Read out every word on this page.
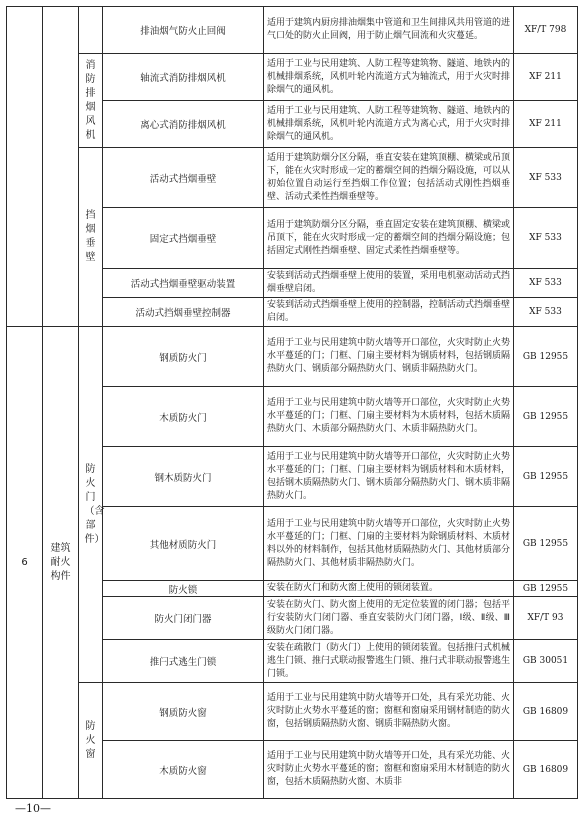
			排油烟气防火止回阀	适用于建筑内厨房排油烟集中管道和卫生间排风共用管道的进气口处的防火止回阀，用于防止烟气回流和火灾蔓延。	XF/T 798
		消防排烟风机	轴流式消防排烟风机	适用于工业与民用建筑、人防工程等建筑物、隧道、地铁内的机械排烟系统，风机叶轮内流道方式为轴流式，用于火灾时排除烟气的通风机。	XF 211
			离心式消防排烟风机	适用于工业与民用建筑、人防工程等建筑物、隧道、地铁内的机械排烟系统，风机叶轮内流道方式为离心式，用于火灾时排除烟气的通风机。	XF 211
		挡烟垂壁	活动式挡烟垂壁	适用于建筑防烟分区分隔，垂直安装在建筑顶棚、横梁或吊顶下，能在火灾时形成一定的蓄烟空间的挡烟分隔设施，可以从初始位置自动运行至挡烟工作位置；包括活动式刚性挡烟垂壁、活动式柔性挡烟垂壁等。	XF 533
			固定式挡烟垂壁	适用于建筑防烟分区分隔，垂直固定安装在建筑顶棚、横梁或吊顶下，能在火灾时形成一定的蓄烟空间的挡烟分隔设施；包括固定式刚性挡烟垂壁、固定式柔性挡烟垂壁等。	XF 533
			活动式挡烟垂壁驱动装置	安装到活动式挡烟垂壁上使用的装置，采用电机驱动活动式挡烟垂壁启闭。	XF 533
			活动式挡烟垂壁控制器	安装到活动式挡烟垂壁上使用的控制器，控制活动式挡烟垂壁启闭。	XF 533
6	建筑耐火构件	防火门（含部件）	钢质防火门	适用于工业与民用建筑中防火墙等开口部位，火灾时防止火势水平蔓延的门；门框、门扇主要材料为钢质材料，包括钢质隔热防火门、钢质部分隔热防火门、钢质非隔热防火门。	GB 12955
			木质防火门	适用于工业与民用建筑中防火墙等开口部位，火灾时防止火势水平蔓延的门；门框、门扇主要材料为木质材料，包括木质隔热防火门、木质部分隔热防火门、木质非隔热防火门。	GB 12955
			钢木质防火门	适用于工业与民用建筑中防火墙等开口部位，火灾时防止火势水平蔓延的门；门框、门扇主要材料为钢质材料和木质材料，包括钢木质隔热防火门、钢木质部分隔热防火门、钢木质非隔热防火门。	GB 12955
			其他材质防火门	适用于工业与民用建筑中防火墙等开口部位，火灾时防止火势水平蔓延的门；门框、门扇的主要材料为除钢质材料、木质材料以外的材料制作，包括其他材质隔热防火门、其他材质部分隔热防火门、其他材质非隔热防火门。	GB 12955
			防火锁	安装在防火门和防火窗上使用的锁闭装置。	GB 12955
			防火门闭门器	安装在防火门、防火窗上使用的无定位装置的闭门器；包括平行安装防火门闭门器、垂直安装防火门闭门器，Ⅰ级、Ⅱ级、Ⅲ级防火门闭门器。	XF/T 93
			推闩式逃生门锁	安装在疏散门（防火门）上使用的锁闭装置。包括推闩式机械逃生门锁、推闩式联动报警逃生门锁、推闩式非联动报警逃生门锁。	GB 30051
		防火窗	钢质防火窗	适用于工业与民用建筑中防火墙等开口处，具有采光功能、火灾时防止火势水平蔓延的窗；窗框和窗扇采用钢材制造的防火窗，包括钢质隔热防火窗、钢质非隔热防火窗。	GB 16809
			木质防火窗	适用于工业与民用建筑中防火墙等开口处，具有采光功能、火灾时防止火势水平蔓延的窗；窗框和窗扇采用木材制造的防火窗，包括木质隔热防火窗、木质非	GB 16809
—10—
